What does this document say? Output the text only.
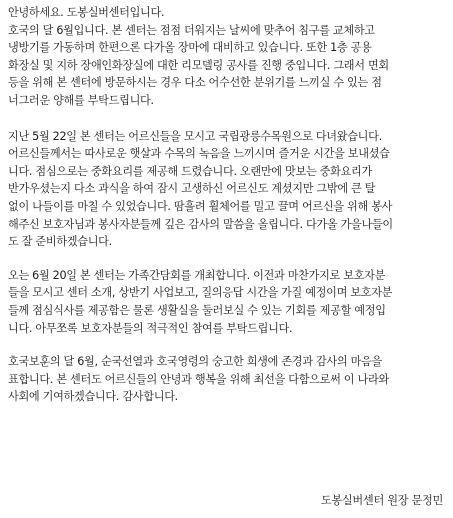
안녕하세요. 도봉실버센터입니다.
호국의 달 6월입니다. 본 센터는 점점 더워지는 날씨에 맞추어 침구를 교체하고
냉방기를 가동하며 한편으론 다가올 장마에 대비하고 있습니다. 또한 1층 공용
화장실 및 지하 장애인화장실에 대한 리모델링 공사를 진행 중입니다. 그래서 면회
등을 위해 본 센터에 방문하시는 경우 다소 어수선한 분위기를 느끼실 수 있는 점
너그러운 양해를 부탁드립니다.
지난 5월 22일 본 센터는 어르신들을 모시고 국립광릉수목원으로 다녀왔습니다.
어르신들께서는 따사로운 햇살과 수목의 녹음을 느끼시며 즐거운 시간을 보내셨습
니다. 점심으로는 중화요리를 제공해 드렸습니다. 오랜만에 맛보는 중화요리가
반가우셨는지 다소 과식을 하여 잠시 고생하신 어르신도 계셨지만 그밖에 큰 탈
없이 나들이를 마칠 수 있었습니다. 땀흘려 휠체어를 밀고 끌며 어르신을 위해 봉사
해주신 보호자님과 봉사자분들께 깊은 감사의 말씀을 올립니다. 다가올 가을나들이
도 잘 준비하겠습니다.
오는 6월 20일 본 센터는 가족간담회를 개최합니다. 이전과 마찬가지로 보호자분
들을 모시고 센터 소개, 상반기 사업보고, 질의응답 시간을 가질 예정이며 보호자분
들께 점심식사를 제공함은 물론 생활실을 둘러보실 수 있는 기회를 제공할 예정입
니다. 아무쪼록 보호자분들의 적극적인 참여를 부탁드립니다.
호국보훈의 달 6월, 순국선열과 호국영령의 숭고한 희생에 존경과 감사의 마음을
표합니다. 본 센터도 어르신들의 안녕과 행복을 위해 최선을 다함으로써 이 나라와
사회에 기여하겠습니다. 감사합니다.
도봉실버센터 원장 문정민
